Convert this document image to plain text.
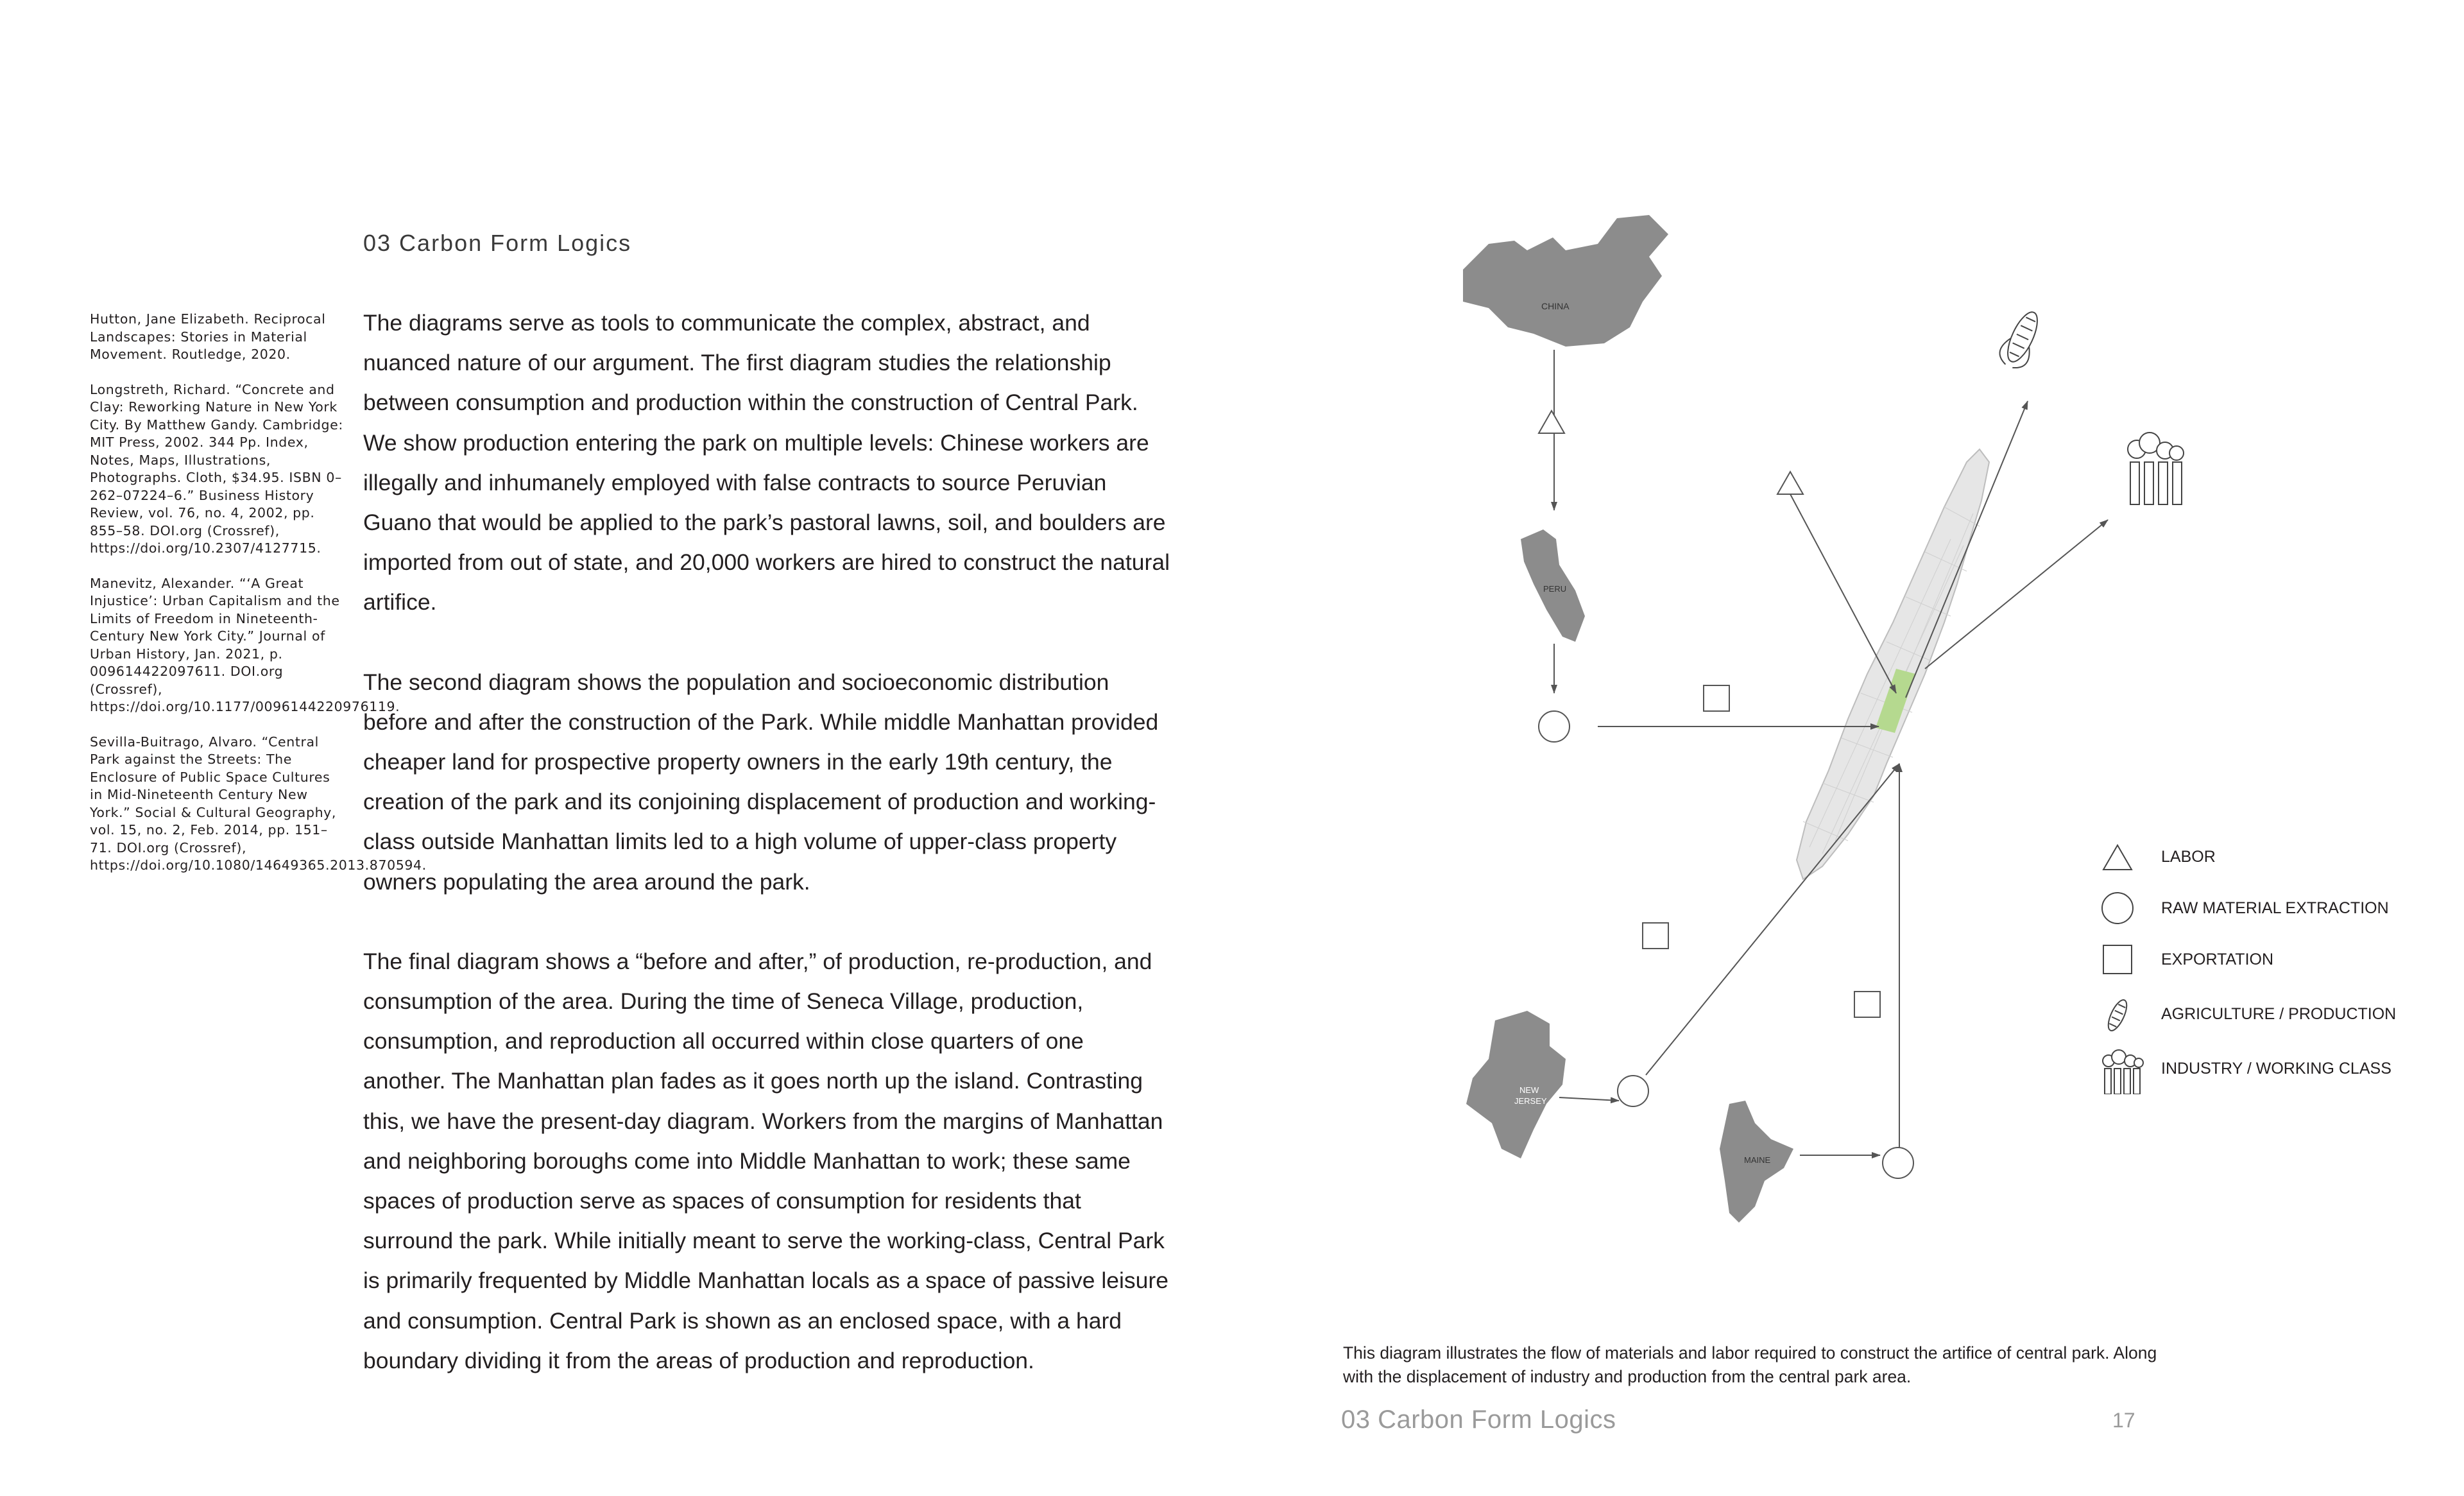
03 Carbon Form Logics

Hutton, Jane Elizabeth. Reciprocal Landscapes: Stories in Material Movement. Routledge, 2020.

Longstreth, Richard. “Concrete and Clay: Reworking Nature in New York City. By Matthew Gandy. Cambridge: MIT Press, 2002. 344 Pp. Index, Notes, Maps, Illustrations, Photographs. Cloth, $34.95. ISBN 0–262–07224–6.” Business History Review, vol. 76, no. 4, 2002, pp. 855–58. DOI.org (Crossref), https://doi.org/10.2307/4127715.

Manevitz, Alexander. “‘A Great Injustice’: Urban Capitalism and the Limits of Freedom in Nineteenth-Century New York City.” Journal of Urban History, Jan. 2021, p. 009614422097611. DOI.org (Crossref), https://doi.org/10.1177/0096144220976119.

Sevilla-Buitrago, Alvaro. “Central Park against the Streets: The Enclosure of Public Space Cultures in Mid-Nineteenth Century New York.” Social & Cultural Geography, vol. 15, no. 2, Feb. 2014, pp. 151–71. DOI.org (Crossref), https://doi.org/10.1080/14649365.2013.870594.

The diagrams serve as tools to communicate the complex, abstract, and nuanced nature of our argument. The first diagram studies the relationship between consumption and production within the construction of Central Park. We show production entering the park on multiple levels: Chinese workers are illegally and inhumanely employed with false contracts to source Peruvian Guano that would be applied to the park’s pastoral lawns, soil, and boulders are imported from out of state, and 20,000 workers are hired to construct the natural artifice.

The second diagram shows the population and socioeconomic distribution before and after the construction of the Park. While middle Manhattan provided cheaper land for prospective property owners in the early 19th century, the creation of the park and its conjoining displacement of production and working-class outside Manhattan limits led to a high volume of upper-class property owners populating the area around the park.

The final diagram shows a “before and after,” of production, re-production, and consumption of the area. During the time of Seneca Village, production, consumption, and reproduction all occurred within close quarters of one another. The Manhattan plan fades as it goes north up the island. Contrasting this, we have the present-day diagram. Workers from the margins of Manhattan and neighboring boroughs come into Middle Manhattan to work; these same spaces of production serve as spaces of consumption for residents that surround the park. While initially meant to serve the working-class, Central Park is primarily frequented by Middle Manhattan locals as a space of passive leisure and consumption. Central Park is shown as an enclosed space, with a hard boundary dividing it from the areas of production and reproduction.

CHINA
PERU
NEW
JERSEY
MAINE
LABOR
RAW MATERIAL EXTRACTION
EXPORTATION
AGRICULTURE / PRODUCTION
INDUSTRY / WORKING CLASS
This diagram illustrates the flow of materials and labor required to construct the artifice of central park. Along with the displacement of industry and production from the central park area.
03 Carbon Form Logics	17
